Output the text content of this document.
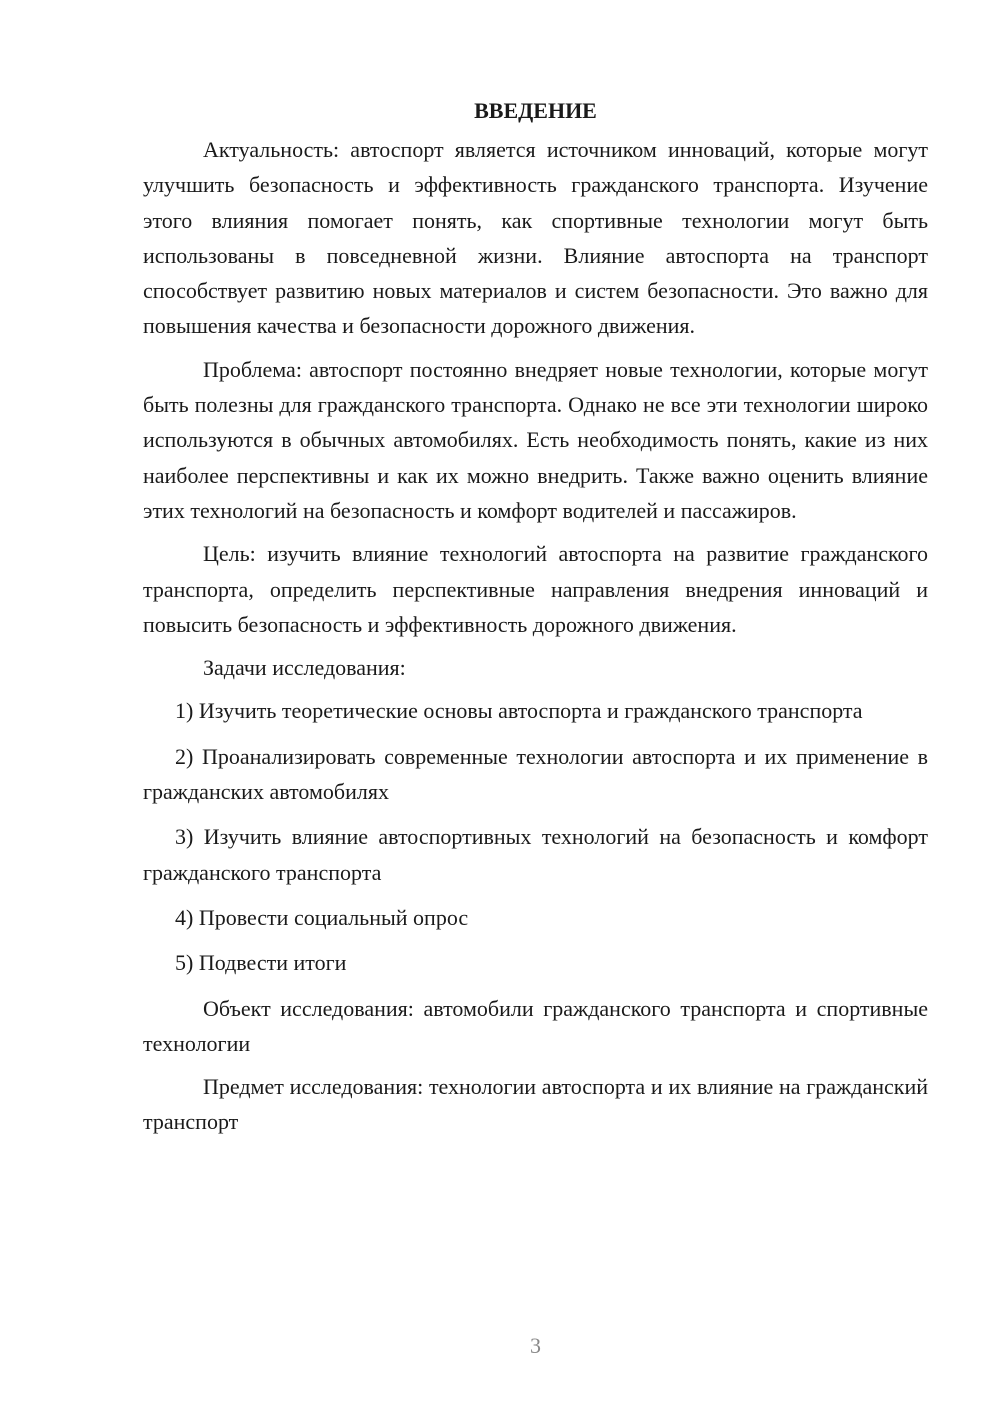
ВВЕДЕНИЕ

Актуальность: автоспорт является источником инноваций, которые могут улучшить безопасность и эффективность гражданского транспорта. Изучение этого влияния помогает понять, как спортивные технологии могут быть использованы в повседневной жизни. Влияние автоспорта на транспорт способствует развитию новых материалов и систем безопасности. Это важно для повышения качества и безопасности дорожного движения.

Проблема: автоспорт постоянно внедряет новые технологии, которые могут быть полезны для гражданского транспорта. Однако не все эти технологии широко используются в обычных автомобилях. Есть необходимость понять, какие из них наиболее перспективны и как их можно внедрить. Также важно оценить влияние этих технологий на безопасность и комфорт водителей и пассажиров.

Цель: изучить влияние технологий автоспорта на развитие гражданского транспорта, определить перспективные направления внедрения инноваций и повысить безопасность и эффективность дорожного движения.

Задачи исследования:

1) Изучить теоретические основы автоспорта и гражданского транспорта

2) Проанализировать современные технологии автоспорта и их применение в гражданских автомобилях

3) Изучить влияние автоспортивных технологий на безопасность и комфорт гражданского транспорта

4) Провести социальный опрос

5) Подвести итоги

Объект исследования: автомобили гражданского транспорта и спортивные технологии

Предмет исследования: технологии автоспорта и их влияние на гражданский транспорт

3
